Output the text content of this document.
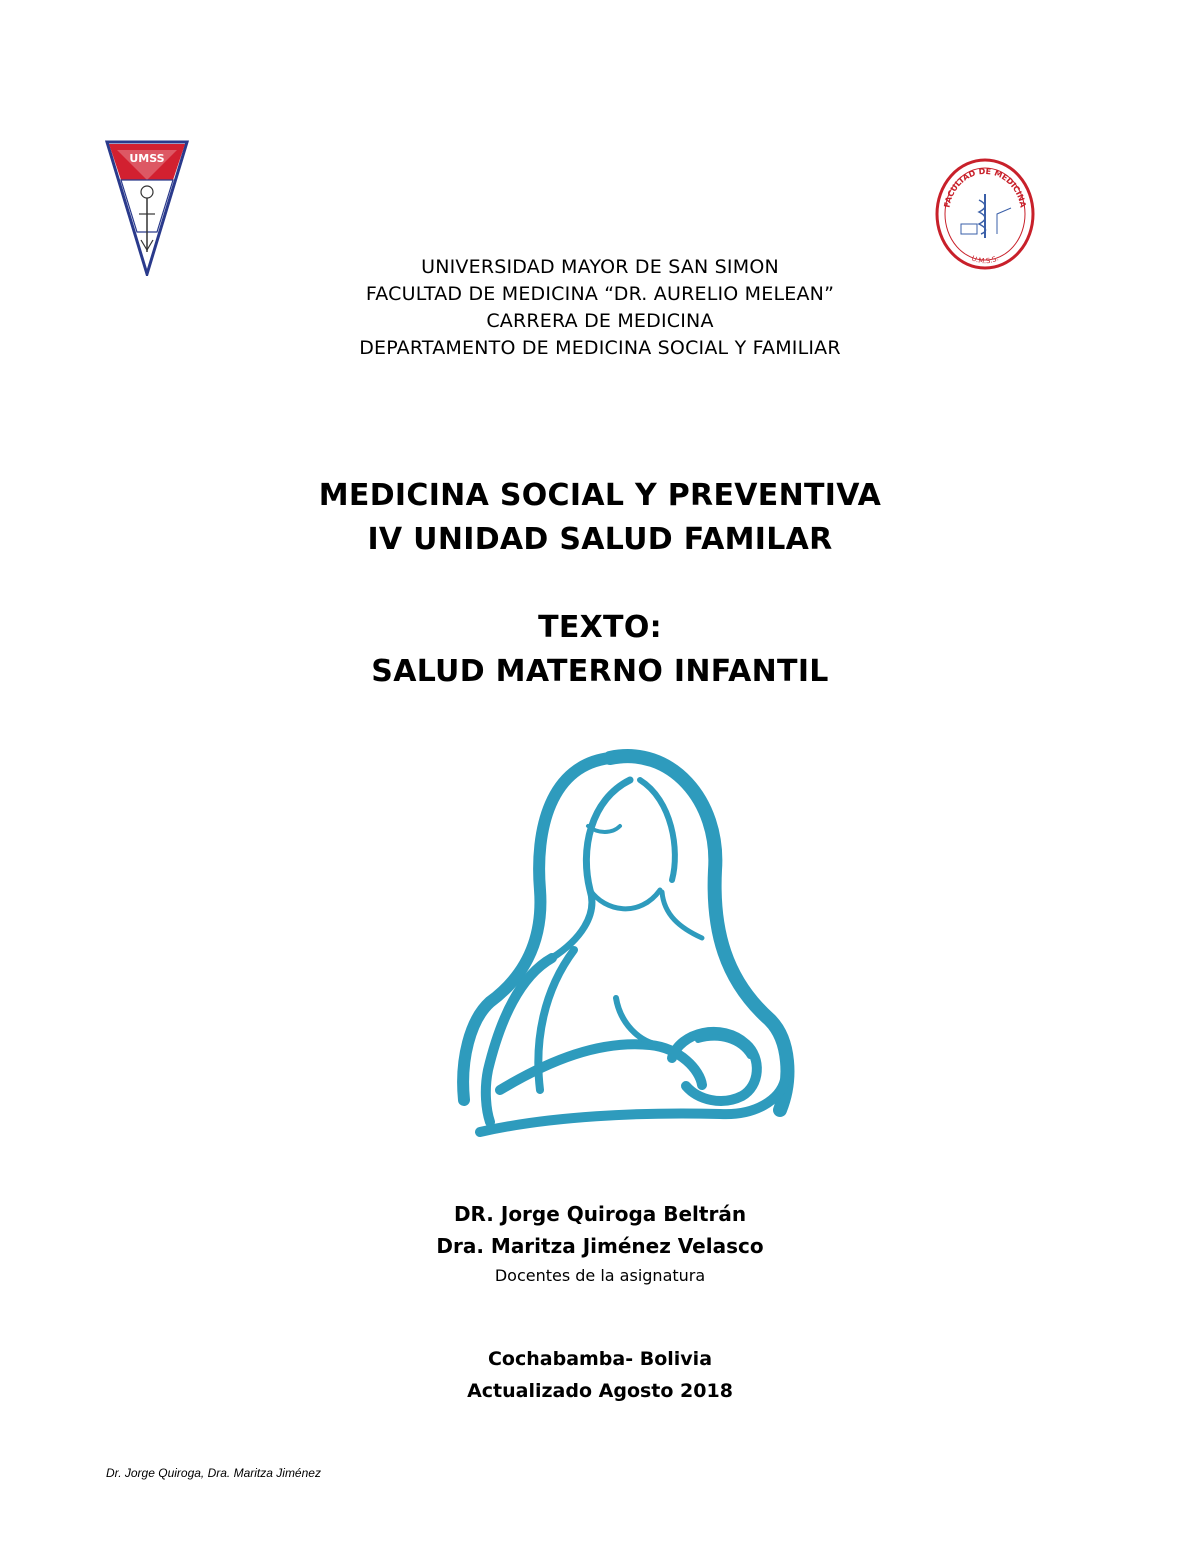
UMSS
FACULTAD DE MEDICINA
U.M.S.S.
UNIVERSIDAD MAYOR DE SAN SIMON
FACULTAD DE MEDICINA “DR. AURELIO MELEAN”
CARRERA DE MEDICINA
DEPARTAMENTO DE MEDICINA SOCIAL Y FAMILIAR
MEDICINA SOCIAL Y PREVENTIVA
IV UNIDAD SALUD FAMILAR
TEXTO:
SALUD MATERNO INFANTIL
DR. Jorge Quiroga Beltrán
Dra. Maritza Jiménez Velasco
Docentes de la asignatura
Cochabamba- Bolivia
Actualizado Agosto 2018
Dr. Jorge Quiroga, Dra. Maritza Jiménez
